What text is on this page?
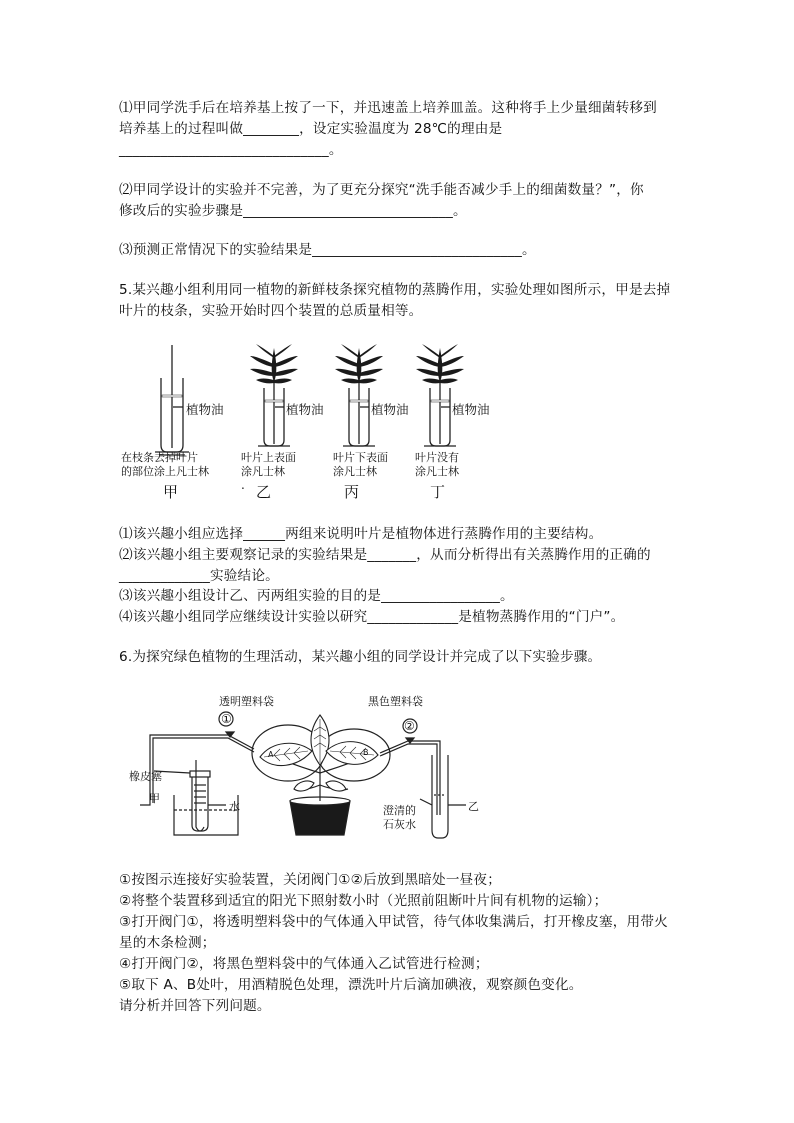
⑴甲同学洗手后在培养基上按了一下，并迅速盖上培养皿盖。这种将手上少量细菌转移到
培养基上的过程叫做________，设定实验温度为 28℃的理由是
______________________________。
⑵甲同学设计的实验并不完善，为了更充分探究“洗手能否减少手上的细菌数量？”，你
修改后的实验步骤是______________________________。
⑶预测正常情况下的实验结果是______________________________。
5.某兴趣小组利用同一植物的新鲜枝条探究植物的蒸腾作用，实验处理如图所示，甲是去掉
叶片的枝条，实验开始时四个装置的总质量相等。
植物油	植物油	植物油	植物油
在枝条去掉叶片
的部位涂上凡士林
叶片上表面
涂凡士林
叶片下表面
涂凡士林
叶片没有
涂凡士林
甲	. 乙	丙	丁
⑴该兴趣小组应选择______两组来说明叶片是植物体进行蒸腾作用的主要结构。
⑵该兴趣小组主要观察记录的实验结果是_______，从而分析得出有关蒸腾作用的正确的
_____________实验结论。
⑶该兴趣小组设计乙、丙两组实验的目的是_________________。
⑷该兴趣小组同学应继续设计实验以研究_____________是植物蒸腾作用的“门户”。
6.为探究绿色植物的生理活动，某兴趣小组的同学设计并完成了以下实验步骤。
透明塑料袋	黑色塑料袋
①	②
橡皮塞
甲
水	澄清的
石灰水
乙
A	B
①按图示连接好实验装置，关闭阀门①②后放到黑暗处一昼夜；
②将整个装置移到适宜的阳光下照射数小时（光照前阻断叶片间有机物的运输）；
③打开阀门①，将透明塑料袋中的气体通入甲试管，待气体收集满后，打开橡皮塞，用带火
星的木条检测；
④打开阀门②，将黑色塑料袋中的气体通入乙试管进行检测；
⑤取下 A、B处叶，用酒精脱色处理，漂洗叶片后滴加碘液，观察颜色变化。
请分析并回答下列问题。
